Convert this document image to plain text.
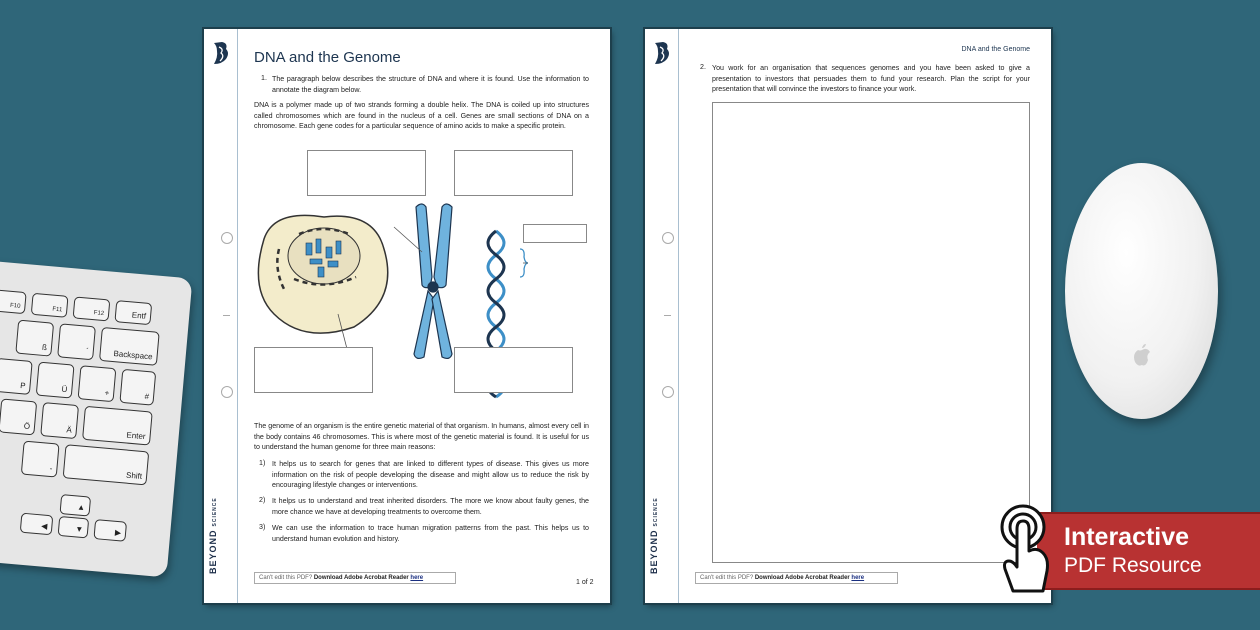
F10
F11
F12	Entf
ß	´	Backspace
P	Ü	+	#
Ö	Ä
Enter
-
Shift
▲
▼
◀
▶	BEYONDSCIENCE
DNA and the Genome
1. The paragraph below describes the structure of DNA and where it is found. Use the information to annotate the diagram below.
DNA is a polymer made up of two strands forming a double helix. The DNA is coiled up into structures called chromosomes which are found in the nucleus of a cell. Genes are small sections of DNA on a chromosome. Each gene codes for a particular sequence of amino acids to make a specific protein.
The genome of an organism is the entire genetic material of that organism. In humans, almost every cell in the body contains 46 chromosomes. This is where most of the genetic material is found. It is useful for us to understand the human genome for three main reasons:
1) It helps us to search for genes that are linked to different types of disease. This gives us more information on the risk of people developing the disease and might allow us to reduce the risk by encouraging lifestyle changes or interventions.
2) It helps us to understand and treat inherited disorders. The more we know about faulty genes, the more chance we have at developing treatments to overcome them.
3) We can use the information to trace human migration patterns from the past. This helps us to understand human evolution and history.
Can't edit this PDF? Download Adobe Acrobat Reader here
1 of 2
BEYONDSCIENCE
DNA and the Genome
2. You work for an organisation that sequences genomes and you have been asked to give a presentation to investors that persuades them to fund your research. Plan the script for your presentation that will convince the investors to finance your work.
Can't edit this PDF? Download Adobe Acrobat Reader here
Interactive
PDF Resource
